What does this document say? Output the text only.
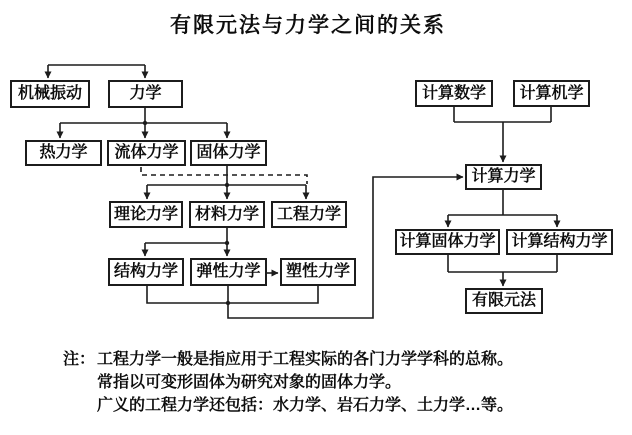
有限元法与力学之间的关系
机械振动	力学
热力学	流体力学	固体力学
理论力学	材料力学	工程力学
结构力学	弹性力学	塑性力学
计算数学	计算机学
计算力学
计算固体力学 计算结构力学
有限元法
注： 工程力学一般是指应用于工程实际的各门力学学科的总称。
常指以可变形固体为研究对象的固体力学。
广义的工程力学还包括：水力学、岩石力学、土力学…等。
